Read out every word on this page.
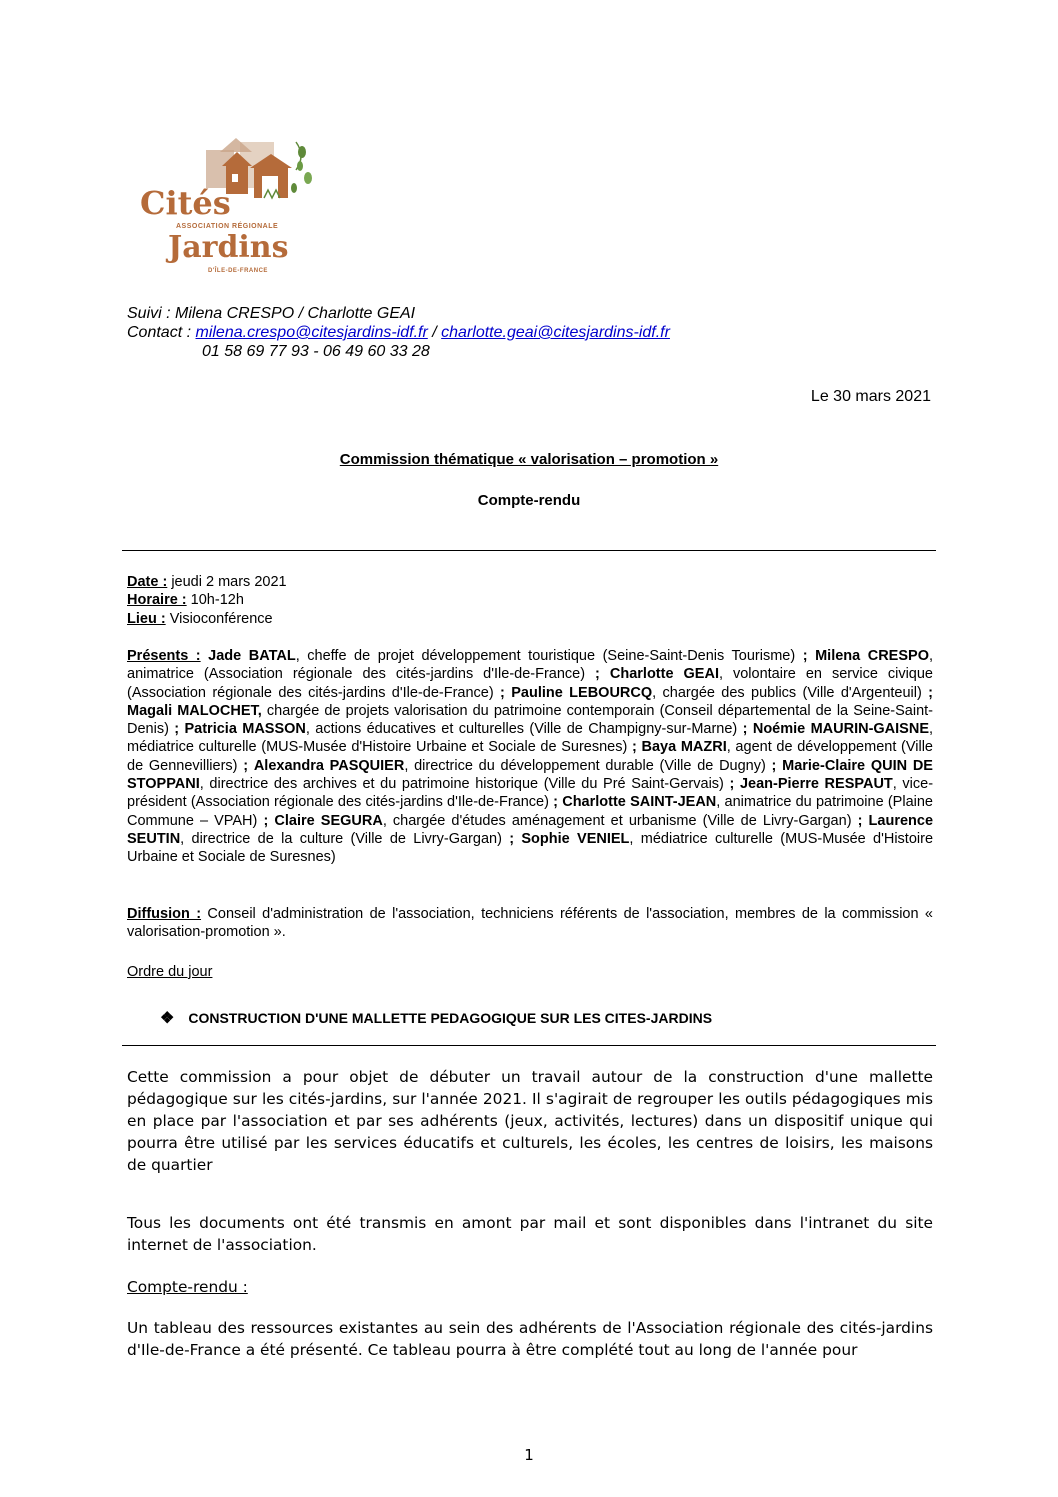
Cités
ASSOCIATION RÉGIONALE
Jardins
D'ÎLE-DE-FRANCE
Suivi : Milena CRESPO / Charlotte GEAI
Contact : milena.crespo@citesjardins-idf.fr / charlotte.geai@citesjardins-idf.fr
01 58 69 77 93 - 06 49 60 33 28
Le 30 mars 2021
Commission thématique « valorisation – promotion »
Compte-rendu
Date : jeudi 2 mars 2021
Horaire : 10h-12h
Lieu : Visioconférence
Présents : Jade BATAL, cheffe de projet développement touristique (Seine-Saint-Denis Tourisme) ; Milena CRESPO, animatrice (Association régionale des cités-jardins d'Ile-de-France) ; Charlotte GEAI, volontaire en service civique (Association régionale des cités-jardins d'Ile-de-France) ; Pauline LEBOURCQ, chargée des publics (Ville d'Argenteuil) ; Magali MALOCHET, chargée de projets valorisation du patrimoine contemporain (Conseil départemental de la Seine-Saint-Denis) ; Patricia MASSON, actions éducatives et culturelles (Ville de Champigny-sur-Marne) ; Noémie MAURIN-GAISNE, médiatrice culturelle (MUS-Musée d'Histoire Urbaine et Sociale de Suresnes) ; Baya MAZRI, agent de développement (Ville de Gennevilliers) ; Alexandra PASQUIER, directrice du développement durable (Ville de Dugny) ; Marie-Claire QUIN DE STOPPANI, directrice des archives et du patrimoine historique (Ville du Pré Saint-Gervais) ; Jean-Pierre RESPAUT, vice-président (Association régionale des cités-jardins d'Ile-de-France) ; Charlotte SAINT-JEAN, animatrice du patrimoine (Plaine Commune – VPAH) ; Claire SEGURA, chargée d'études aménagement et urbanisme (Ville de Livry-Gargan) ; Laurence SEUTIN, directrice de la culture (Ville de Livry-Gargan) ; Sophie VENIEL, médiatrice culturelle (MUS-Musée d'Histoire Urbaine et Sociale de Suresnes)
Diffusion : Conseil d'administration de l'association, techniciens référents de l'association, membres de la commission « valorisation-promotion ».
Ordre du jour
❖ CONSTRUCTION D'UNE MALLETTE PEDAGOGIQUE SUR LES CITES-JARDINS
Cette commission a pour objet de débuter un travail autour de la construction d'une mallette pédagogique sur les cités-jardins, sur l'année 2021. Il s'agirait de regrouper les outils pédagogiques mis en place par l'association et par ses adhérents (jeux, activités, lectures) dans un dispositif unique qui pourra être utilisé par les services éducatifs et culturels, les écoles, les centres de loisirs, les maisons de quartier
Tous les documents ont été transmis en amont par mail et sont disponibles dans l'intranet du site internet de l'association.
Compte-rendu :
Un tableau des ressources existantes au sein des adhérents de l'Association régionale des cités-jardins d'Ile-de-France a été présenté. Ce tableau pourra à être complété tout au long de l'année pour
1
